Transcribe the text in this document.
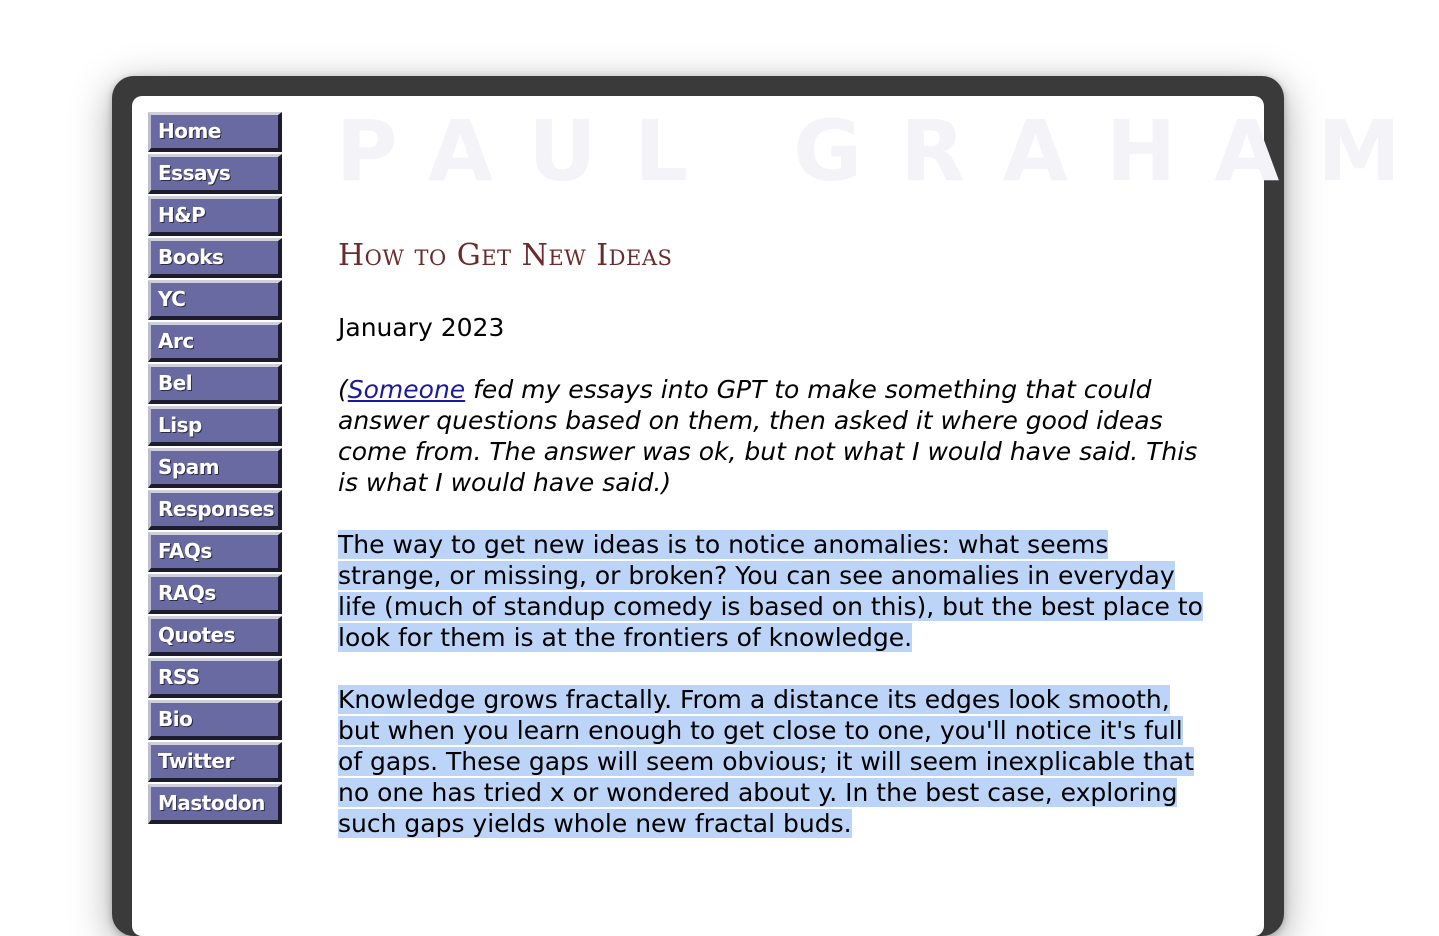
Home
Essays
H&P
Books
YC
Arc
Bel
Lisp
Spam
Responses
FAQs
RAQs
Quotes
RSS
Bio
Twitter
Mastodon
PAUL GRAHAM
How to Get New Ideas
January 2023
(Someone fed my essays into GPT to make something that could answer questions based on them, then asked it where good ideas come from. The answer was ok, but not what I would have said. This is what I would have said.)
The way to get new ideas is to notice anomalies: what seems strange, or missing, or broken? You can see anomalies in everyday life (much of standup comedy is based on this), but the best place to look for them is at the frontiers of knowledge.
Knowledge grows fractally. From a distance its edges look smooth, but when you learn enough to get close to one, you'll notice it's full of gaps. These gaps will seem obvious; it will seem inexplicable that no one has tried x or wondered about y. In the best case, exploring such gaps yields whole new fractal buds.
